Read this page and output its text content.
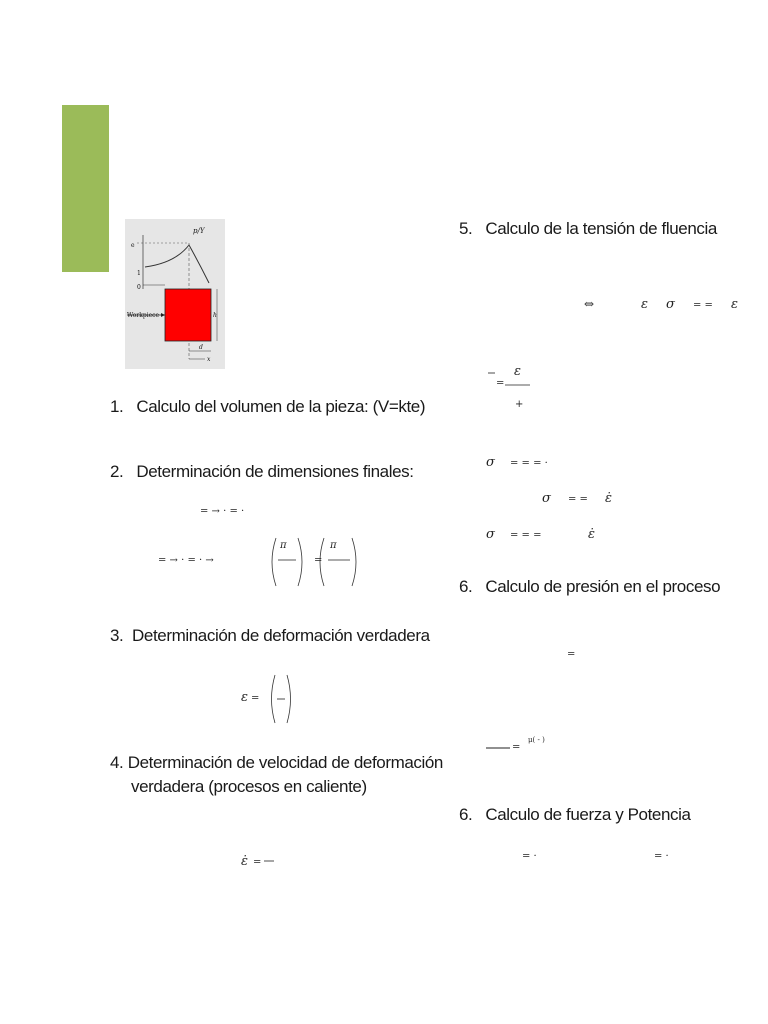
Workpiece
p/Y
e
1
0
h
d
x
1. Calculo del volumen de la pieza: (V=kte)
2. Determinación de dimensiones finales:
3. Determinación de deformación verdadera
4. Determinación de velocidad de deformación
verdadera (procesos en caliente)
5. Calculo de la tensión de fluencia
6. Calculo de presión en el proceso
6. Calculo de fuerza y Potencia
= → · = ·
= → · = · →
π
=
π
ε =
ε̇ =
⇔	ε σ = = ε
=
ε
+
σ = = = ·
σ = = ε̇
σ = = =	ε̇
=
=
μ( - )
= ·	= ·
